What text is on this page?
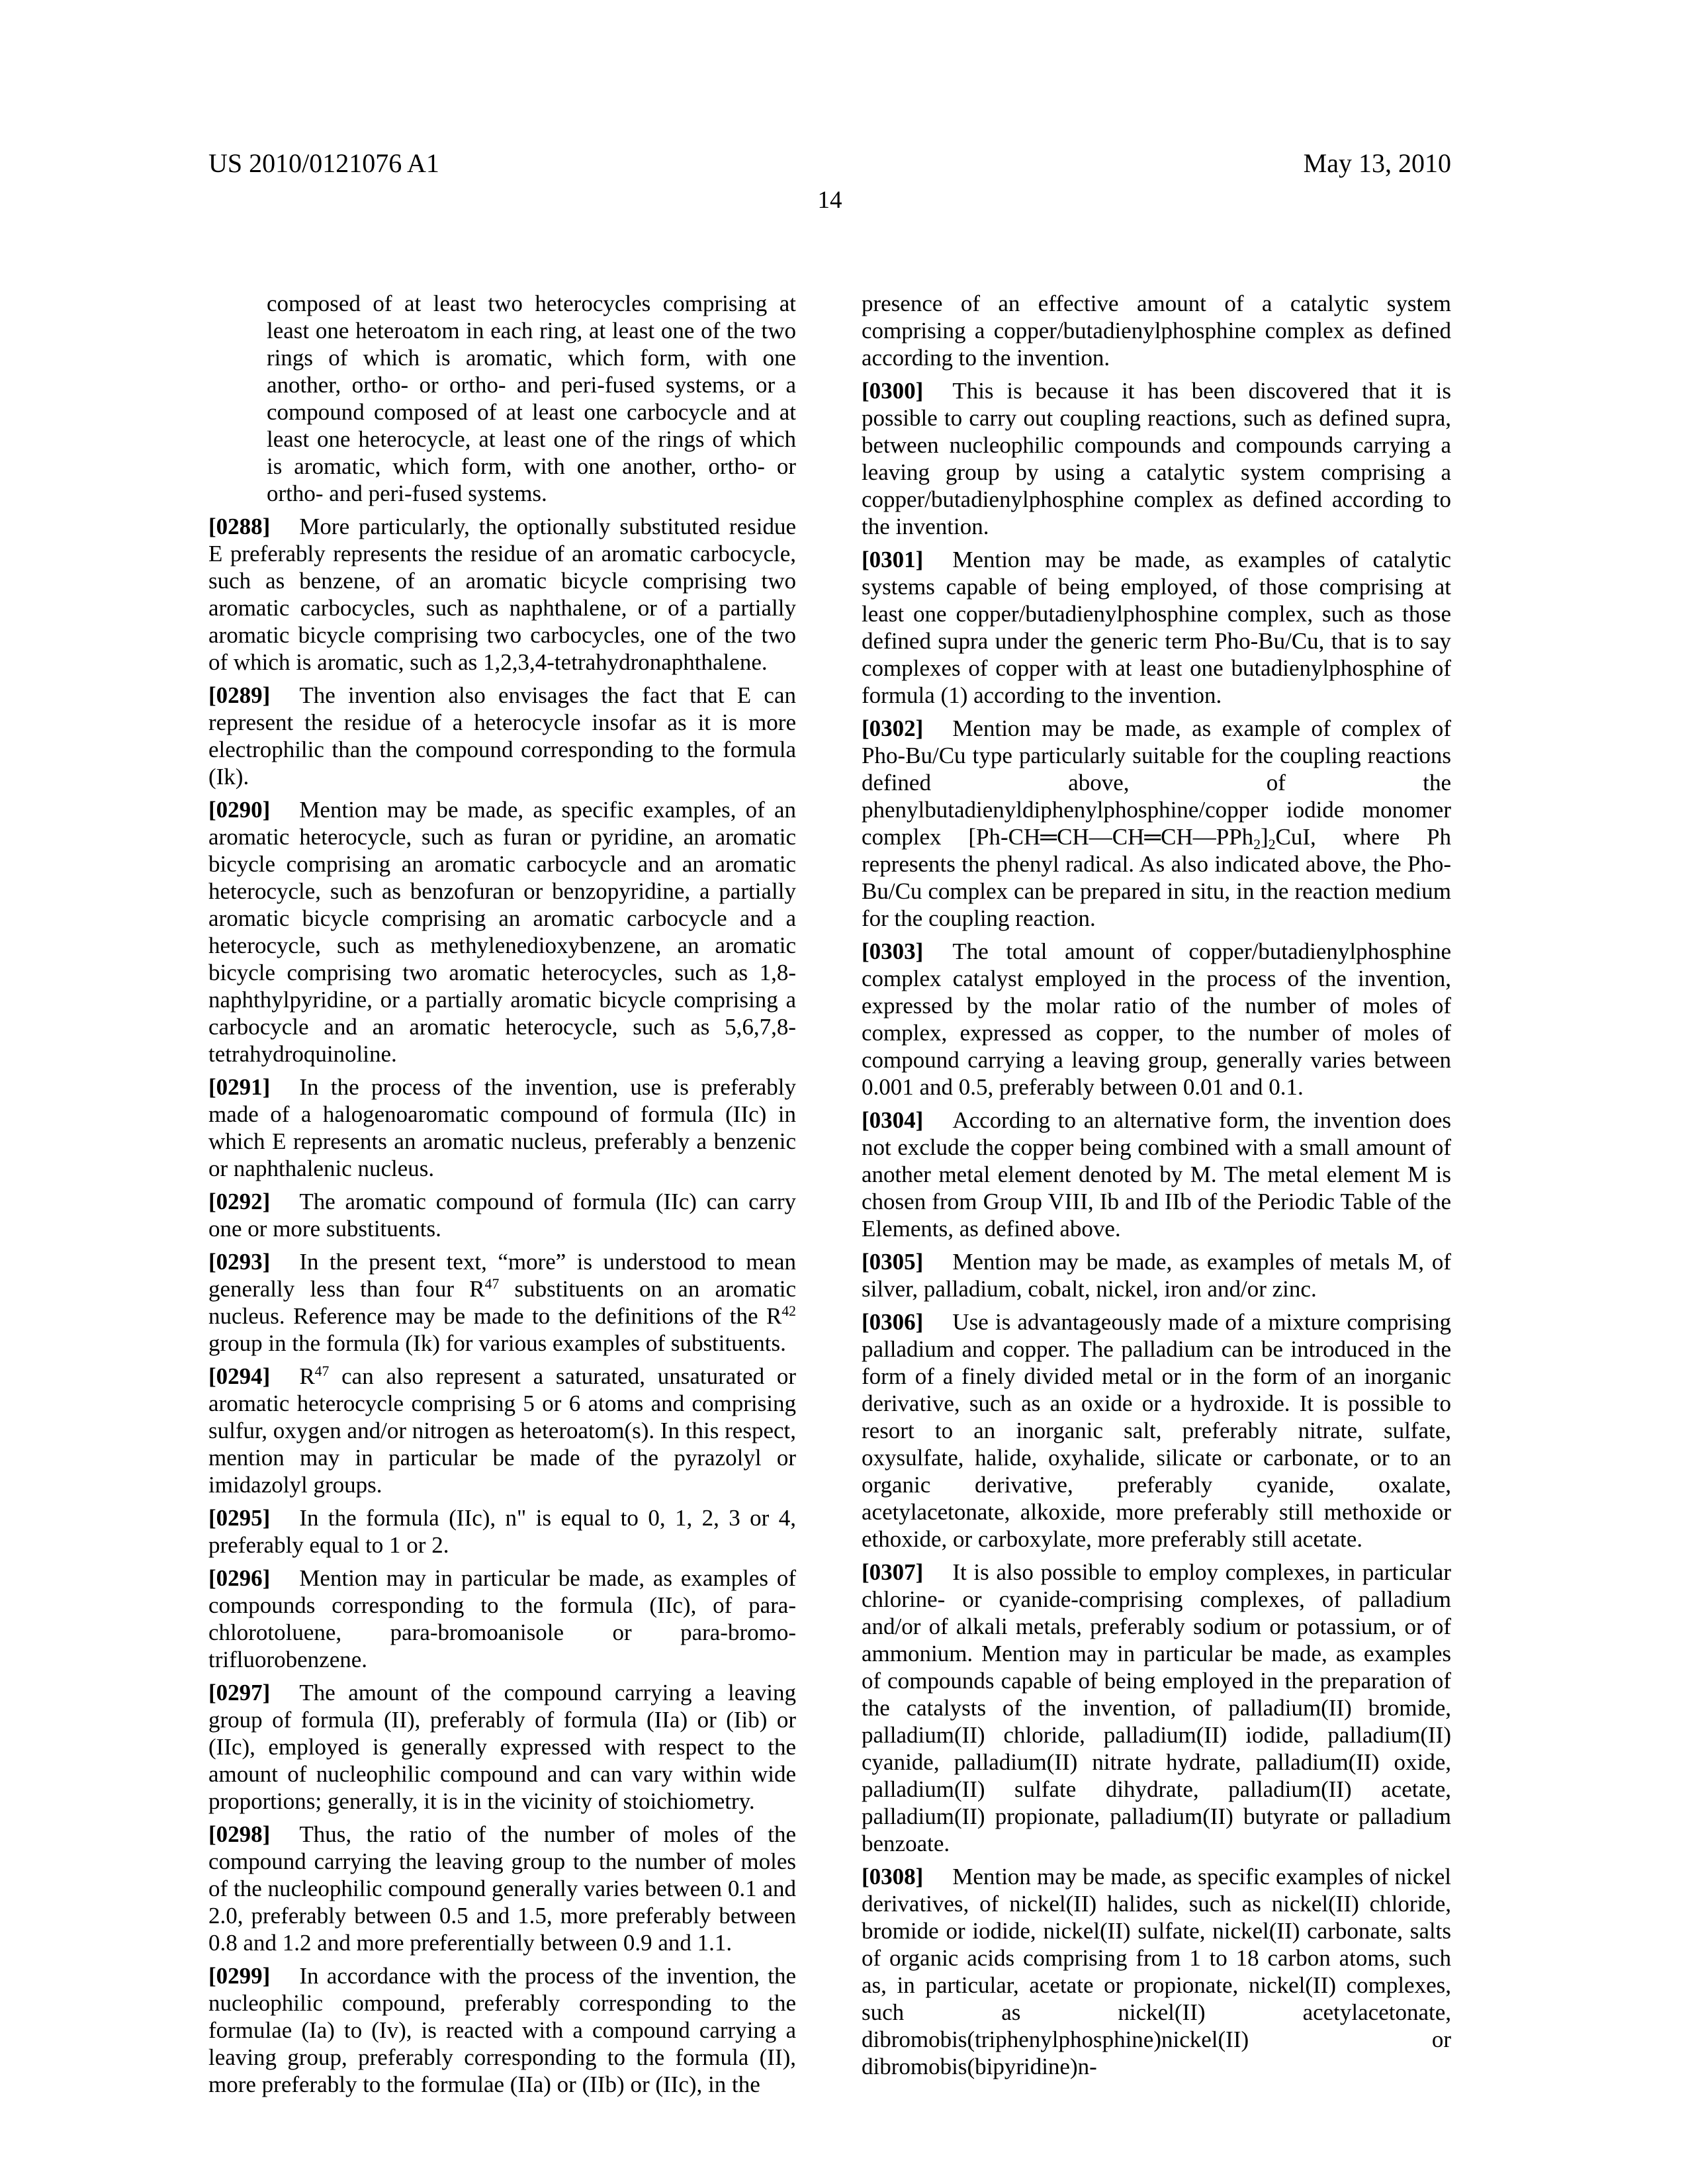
US 2010/0121076 A1	May 13, 2010
14

composed of at least two heterocycles comprising at least one heteroatom in each ring, at least one of the two rings of which is aromatic, which form, with one another, ortho- or ortho- and peri-fused systems, or a compound composed of at least one carbocycle and at least one heterocycle, at least one of the rings of which is aromatic, which form, with one another, ortho- or ortho- and peri-fused systems.

[0288] More particularly, the optionally substituted residue E preferably represents the residue of an aromatic carbocycle, such as benzene, of an aromatic bicycle comprising two aromatic carbocycles, such as naphthalene, or of a partially aromatic bicycle comprising two carbocycles, one of the two of which is aromatic, such as 1,2,3,4-tetrahydronaphthalene.

[0289] The invention also envisages the fact that E can represent the residue of a heterocycle insofar as it is more electrophilic than the compound corresponding to the formula (Ik).

[0290] Mention may be made, as specific examples, of an aromatic heterocycle, such as furan or pyridine, an aromatic bicycle comprising an aromatic carbocycle and an aromatic heterocycle, such as benzofuran or benzopyridine, a partially aromatic bicycle comprising an aromatic carbocycle and a heterocycle, such as methylenedioxybenzene, an aromatic bicycle comprising two aromatic heterocycles, such as 1,8-naphthylpyridine, or a partially aromatic bicycle comprising a carbocycle and an aromatic heterocycle, such as 5,6,7,8-tetrahydroquinoline.

[0291] In the process of the invention, use is preferably made of a halogenoaromatic compound of formula (IIc) in which E represents an aromatic nucleus, preferably a benzenic or naphthalenic nucleus.

[0292] The aromatic compound of formula (IIc) can carry one or more substituents.

[0293] In the present text, “more” is understood to mean generally less than four $R^{47}$ substituents on an aromatic nucleus. Reference may be made to the definitions of the $R^{42}$ group in the formula (Ik) for various examples of substituents.

[0294] $R^{47}$ can also represent a saturated, unsaturated or aromatic heterocycle comprising 5 or 6 atoms and comprising sulfur, oxygen and/or nitrogen as heteroatom(s). In this respect, mention may in particular be made of the pyrazolyl or imidazolyl groups.

[0295] In the formula (IIc), n" is equal to 0, 1, 2, 3 or 4, preferably equal to 1 or 2.

[0296] Mention may in particular be made, as examples of compounds corresponding to the formula (IIc), of para-chlorotoluene, para-bromoanisole or para-bromo-trifluorobenzene.

[0297] The amount of the compound carrying a leaving group of formula (II), preferably of formula (IIa) or (Iib) or (IIc), employed is generally expressed with respect to the amount of nucleophilic compound and can vary within wide proportions; generally, it is in the vicinity of stoichiometry.

[0298] Thus, the ratio of the number of moles of the compound carrying the leaving group to the number of moles of the nucleophilic compound generally varies between 0.1 and 2.0, preferably between 0.5 and 1.5, more preferably between 0.8 and 1.2 and more preferentially between 0.9 and 1.1.

[0299] In accordance with the process of the invention, the nucleophilic compound, preferably corresponding to the formulae (Ia) to (Iv), is reacted with a compound carrying a leaving group, preferably corresponding to the formula (II), more preferably to the formulae (IIa) or (IIb) or (IIc), in the

presence of an effective amount of a catalytic system comprising a copper/butadienylphosphine complex as defined according to the invention.

[0300] This is because it has been discovered that it is possible to carry out coupling reactions, such as defined supra, between nucleophilic compounds and compounds carrying a leaving group by using a catalytic system comprising a copper/butadienylphosphine complex as defined according to the invention.

[0301] Mention may be made, as examples of catalytic systems capable of being employed, of those comprising at least one copper/butadienylphosphine complex, such as those defined supra under the generic term Pho-Bu/Cu, that is to say complexes of copper with at least one butadienylphosphine of formula (1) according to the invention.

[0302] Mention may be made, as example of complex of Pho-Bu/Cu type particularly suitable for the coupling reactions defined above, of the phenylbutadienyldiphenylphosphine/copper iodide monomer complex $[Ph-CH═CH—CH═CH—PPh_2]_2CuI$, where Ph represents the phenyl radical. As also indicated above, the Pho-Bu/Cu complex can be prepared in situ, in the reaction medium for the coupling reaction.

[0303] The total amount of copper/butadienylphosphine complex catalyst employed in the process of the invention, expressed by the molar ratio of the number of moles of complex, expressed as copper, to the number of moles of compound carrying a leaving group, generally varies between 0.001 and 0.5, preferably between 0.01 and 0.1.

[0304] According to an alternative form, the invention does not exclude the copper being combined with a small amount of another metal element denoted by M. The metal element M is chosen from Group VIII, Ib and IIb of the Periodic Table of the Elements, as defined above.

[0305] Mention may be made, as examples of metals M, of silver, palladium, cobalt, nickel, iron and/or zinc.

[0306] Use is advantageously made of a mixture comprising palladium and copper. The palladium can be introduced in the form of a finely divided metal or in the form of an inorganic derivative, such as an oxide or a hydroxide. It is possible to resort to an inorganic salt, preferably nitrate, sulfate, oxysulfate, halide, oxyhalide, silicate or carbonate, or to an organic derivative, preferably cyanide, oxalate, acetylacetonate, alkoxide, more preferably still methoxide or ethoxide, or carboxylate, more preferably still acetate.

[0307] It is also possible to employ complexes, in particular chlorine- or cyanide-comprising complexes, of palladium and/or of alkali metals, preferably sodium or potassium, or of ammonium. Mention may in particular be made, as examples of compounds capable of being employed in the preparation of the catalysts of the invention, of palladium(II) bromide, palladium(II) chloride, palladium(II) iodide, palladium(II) cyanide, palladium(II) nitrate hydrate, palladium(II) oxide, palladium(II) sulfate dihydrate, palladium(II) acetate, palladium(II) propionate, palladium(II) butyrate or palladium benzoate.

[0308] Mention may be made, as specific examples of nickel derivatives, of nickel(II) halides, such as nickel(II) chloride, bromide or iodide, nickel(II) sulfate, nickel(II) carbonate, salts of organic acids comprising from 1 to 18 carbon atoms, such as, in particular, acetate or propionate, nickel(II) complexes, such as nickel(II) acetylacetonate, dibromobis(triphenylphosphine)nickel(II) or dibromobis(bipyridine)n-
